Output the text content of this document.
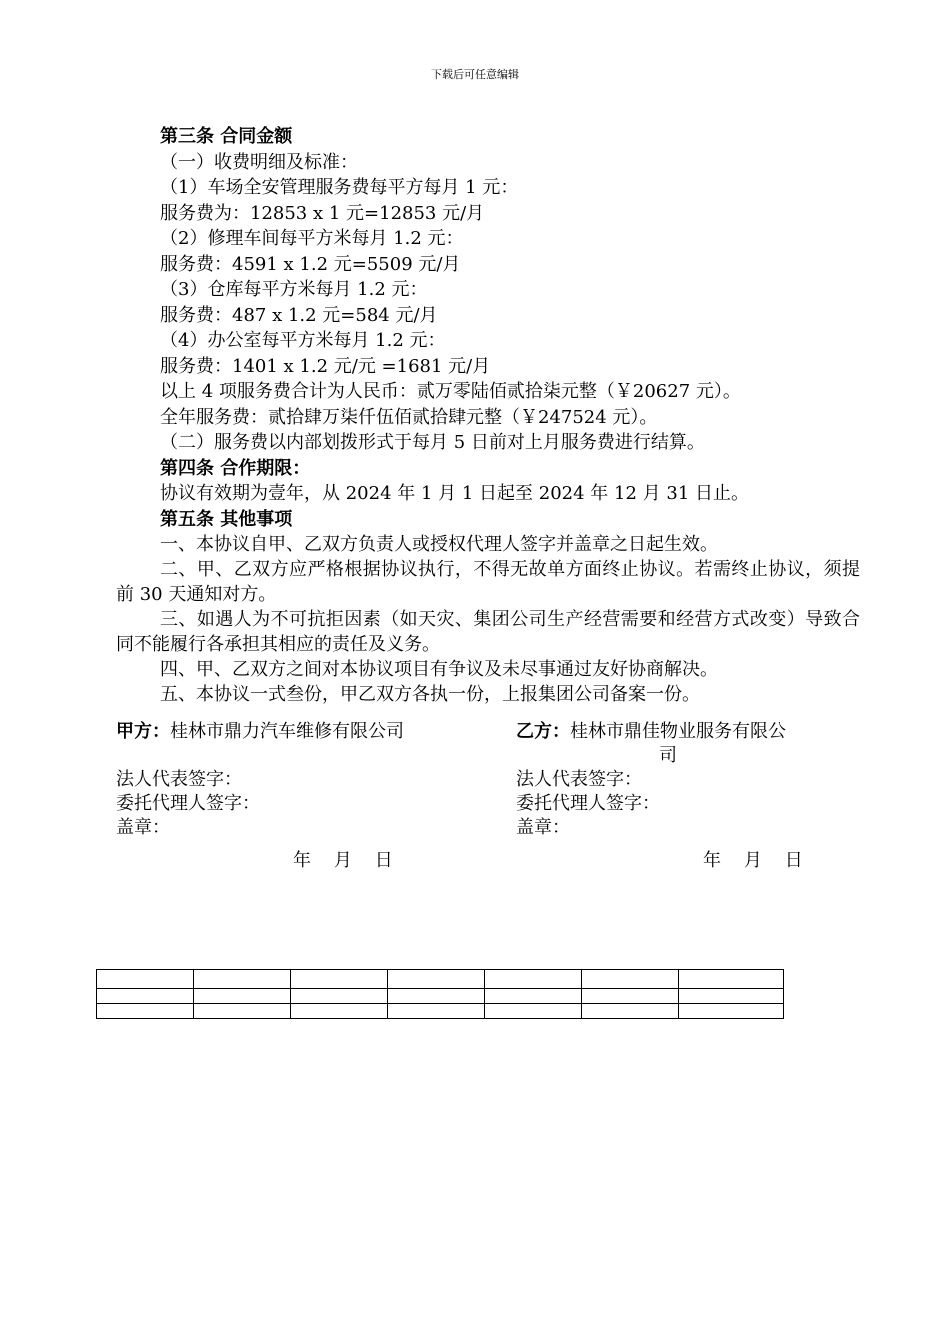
下载后可任意编辑
第三条 合同金额
（一）收费明细及标准：
（1）车场全安管理服务费每平方每月 1 元：
服务费为：12853 x 1 元=12853 元/月
（2）修理车间每平方米每月 1.2 元：
服务费：4591 x 1.2 元=5509 元/月
（3）仓库每平方米每月 1.2 元：
服务费：487 x 1.2 元=584 元/月
（4）办公室每平方米每月 1.2 元：
服务费：1401 x 1.2 元/元 =1681 元/月
以上 4 项服务费合计为人民币：贰万零陆佰贰拾柒元整（￥20627 元）。
全年服务费：贰拾肆万柒仟伍佰贰拾肆元整（￥247524 元）。
（二）服务费以内部划拨形式于每月 5 日前对上月服务费进行结算。
第四条 合作期限：
协议有效期为壹年，从 2024 年 1 月 1 日起至 2024 年 12 月 31 日止。
第五条 其他事项
一、本协议自甲、乙双方负责人或授权代理人签字并盖章之日起生效。
二、甲、乙双方应严格根据协议执行，不得无故单方面终止协议。若需终止协议，须提前 30 天通知对方。
三、如遇人为不可抗拒因素（如天灾、集团公司生产经营需要和经营方式改变）导致合同不能履行各承担其相应的责任及义务。
四、甲、乙双方之间对本协议项目有争议及未尽事通过友好协商解决。
五、本协议一式叁份，甲乙双方各执一份，上报集团公司备案一份。
甲方：桂林市鼎力汽车维修有限公司

法人代表签字：
委托代理人签字：
盖章：
年    月    日
乙方：桂林市鼎佳物业服务有限公
司
法人代表签字：
委托代理人签字：
盖章：
年    月    日
